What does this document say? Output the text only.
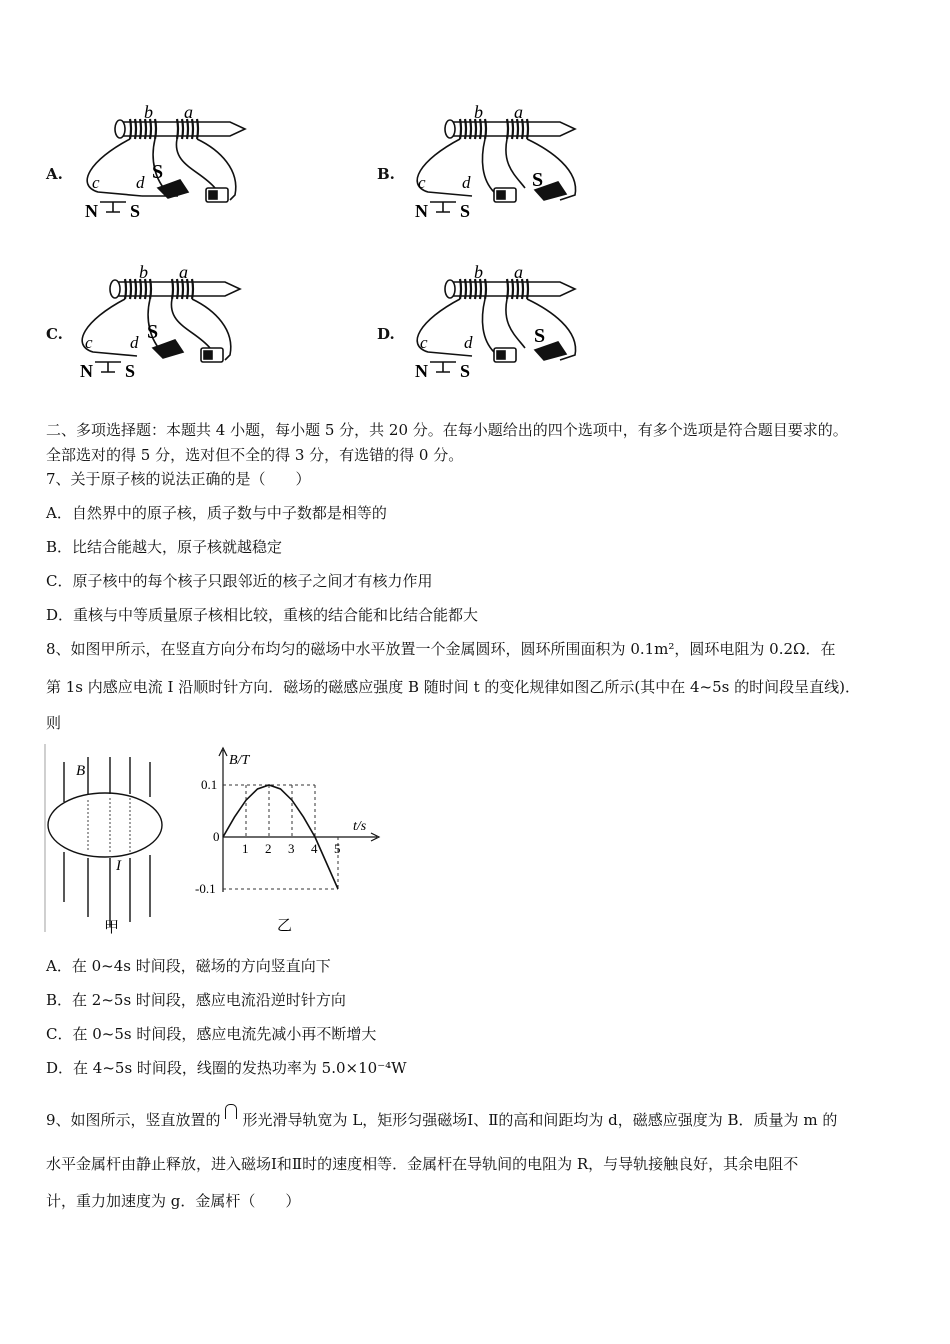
A.	B.
C.	D.
b a
c d S
N S
b a
c d	S
N S
b a
c d S
N S
b a
c d	S
N S
二、多项选择题：本题共 4 小题，每小题 5 分，共 20 分。在每小题给出的四个选项中，有多个选项是符合题目要求的。
全部选对的得 5 分，选对但不全的得 3 分，有选错的得 0 分。
7、关于原子核的说法正确的是（　　）
A．自然界中的原子核，质子数与中子数都是相等的
B．比结合能越大，原子核就越稳定
C．原子核中的每个核子只跟邻近的核子之间才有核力作用
D．重核与中等质量原子核相比较，重核的结合能和比结合能都大
8、如图甲所示，在竖直方向分布均匀的磁场中水平放置一个金属圆环，圆环所围面积为 0.1m²，圆环电阻为 0.2Ω．在
第 1s 内感应电流 I 沿顺时针方向．磁场的磁感应强度 B 随时间 t 的变化规律如图乙所示(其中在 4~5s 的时间段呈直线)．
则
B
I
甲
B/T
t/s
0
1 2 3 4 5
0.1
-0.1
乙
A．在 0~4s 时间段，磁场的方向竖直向下
B．在 2~5s 时间段，感应电流沿逆时针方向
C．在 0~5s 时间段，感应电流先减小再不断增大
D．在 4~5s 时间段，线圈的发热功率为 5.0×10⁻⁴W
9、如图所示，竖直放置的 形光滑导轨宽为 L，矩形匀强磁场Ⅰ、Ⅱ的高和间距均为 d，磁感应强度为 B．质量为 m 的
水平金属杆由静止释放，进入磁场Ⅰ和Ⅱ时的速度相等．金属杆在导轨间的电阻为 R，与导轨接触良好，其余电阻不
计，重力加速度为 g．金属杆（　　）
